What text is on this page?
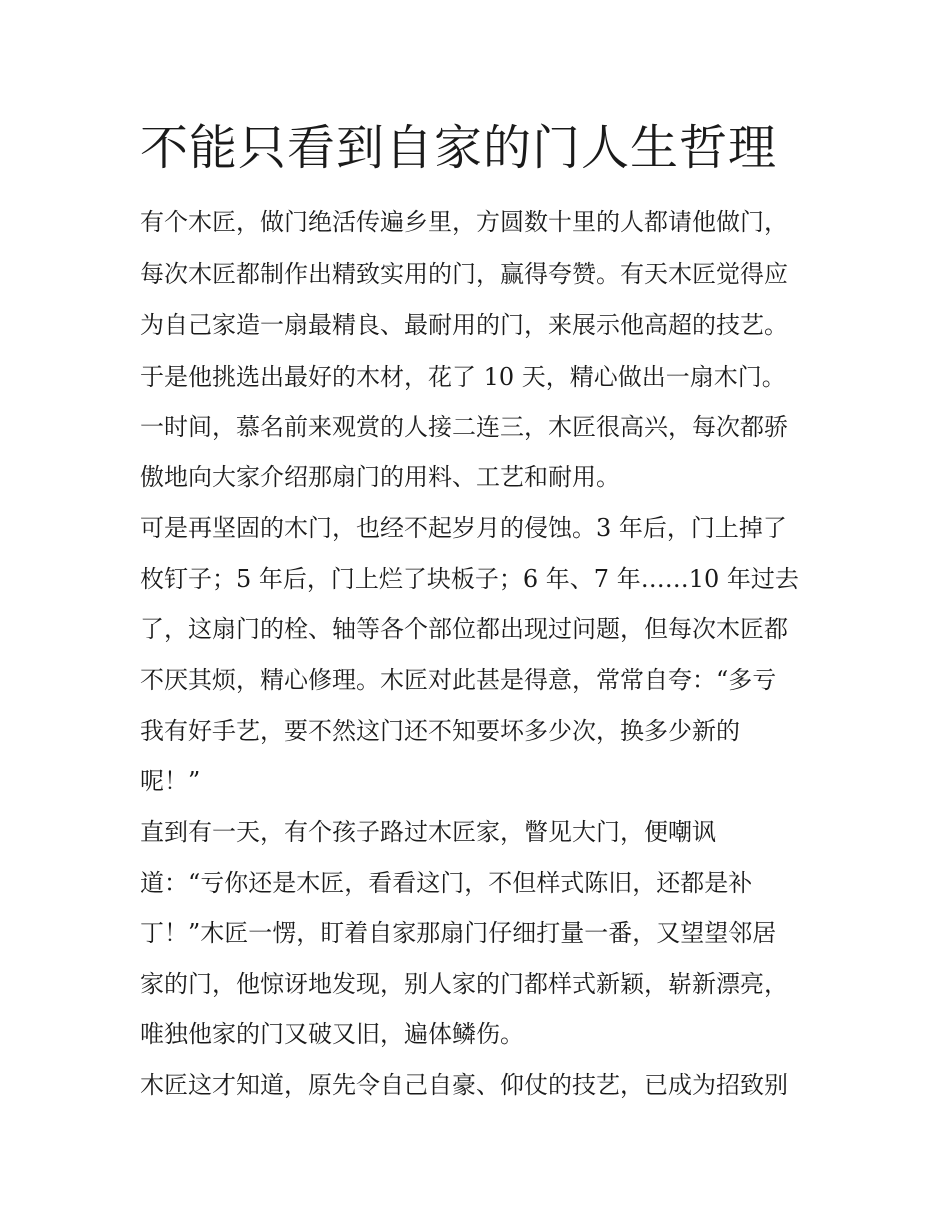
不能只看到自家的门人生哲理

有个木匠，做门绝活传遍乡里，方圆数十里的人都请他做门，

每次木匠都制作出精致实用的门，赢得夸赞。有天木匠觉得应

为自己家造一扇最精良、最耐用的门，来展示他高超的技艺。

于是他挑选出最好的木材，花了 10 天，精心做出一扇木门。

一时间，慕名前来观赏的人接二连三，木匠很高兴，每次都骄

傲地向大家介绍那扇门的用料、工艺和耐用。

可是再坚固的木门，也经不起岁月的侵蚀。3 年后，门上掉了

枚钉子；5 年后，门上烂了块板子；6 年、7 年……10 年过去

了，这扇门的栓、轴等各个部位都出现过问题，但每次木匠都

不厌其烦，精心修理。木匠对此甚是得意，常常自夸：“多亏

我有好手艺，要不然这门还不知要坏多少次，换多少新的

呢！”

直到有一天，有个孩子路过木匠家，瞥见大门，便嘲讽

道：“亏你还是木匠，看看这门，不但样式陈旧，还都是补

丁！”木匠一愣，盯着自家那扇门仔细打量一番，又望望邻居

家的门，他惊讶地发现，别人家的门都样式新颖，崭新漂亮，

唯独他家的门又破又旧，遍体鳞伤。

木匠这才知道，原先令自己自豪、仰仗的技艺，已成为招致别
